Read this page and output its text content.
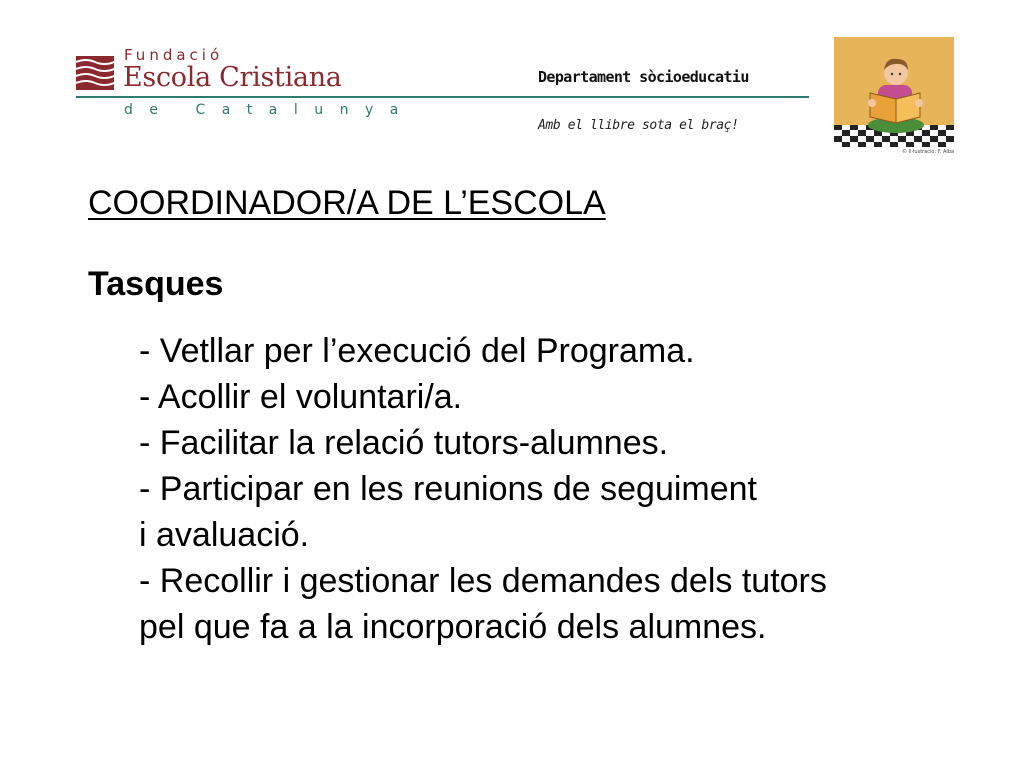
Fundació
Escola Cristiana
de Catalunya
Departament sòcioeducatiu
Amb el llibre sota el braç!
© Il·lustració: F. Alba
COORDINADOR/A DE L’ESCOLA
Tasques
- Vetllar per l’execució del Programa.
- Acollir el voluntari/a.
- Facilitar la relació tutors-alumnes.
- Participar en les reunions de seguiment
i avaluació.
- Recollir i gestionar les demandes dels tutors
pel que fa a la incorporació dels alumnes.
